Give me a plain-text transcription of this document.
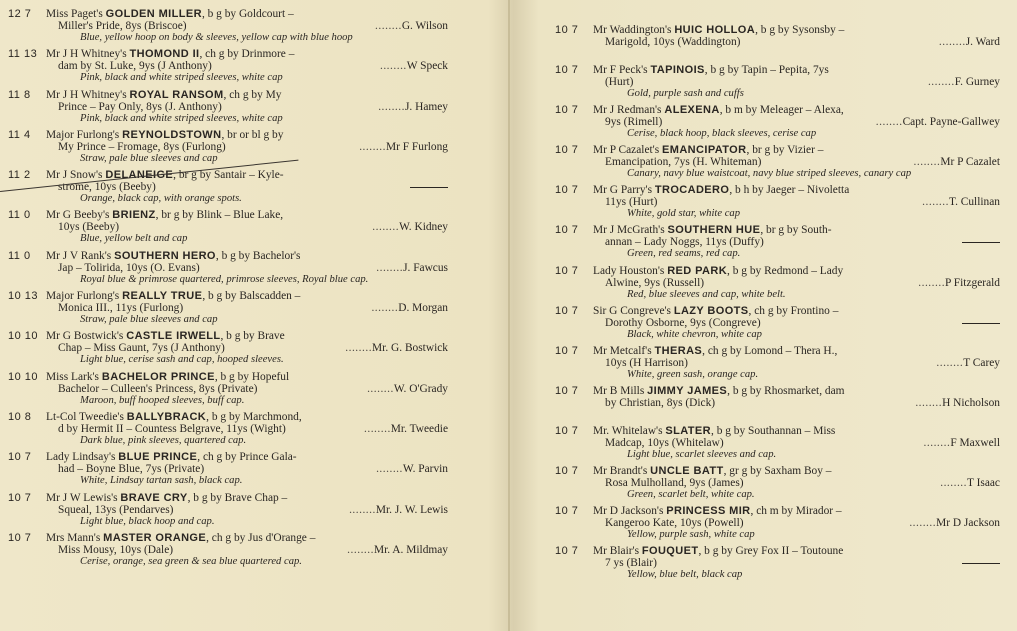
12 7	Miss Paget's GOLDEN MILLER, b g by Goldcourt –
Miller's Pride, 8ys (Briscoe)	........G. Wilson
Blue, yellow hoop on body & sleeves, yellow cap with blue hoop
11 13 Mr J H Whitney's THOMOND II, ch g by Drinmore –
dam by St. Luke, 9ys (J Anthony)	........W Speck
Pink, black and white striped sleeves, white cap
11 8	Mr J H Whitney's ROYAL RANSOM, ch g by My
Prince – Pay Only, 8ys (J. Anthony)	........J. Hamey
Pink, black and white striped sleeves, white cap
11 4	Major Furlong's REYNOLDSTOWN, br or bl g by
My Prince – Fromage, 8ys (Furlong)	........Mr F Furlong
Straw, pale blue sleeves and cap
11 2	Mr J Snow's DELANEIGE, br g by Santair – Kyle-
strome, 10ys (Beeby)
Orange, black cap, with orange spots.
11 0	Mr G Beeby's BRIENZ, br g by Blink – Blue Lake,
10ys (Beeby)	........W. Kidney
Blue, yellow belt and cap
11 0	Mr J V Rank's SOUTHERN HERO, b g by Bachelor's
Jap – Tolirida, 10ys (O. Evans)	........J. Fawcus
Royal blue & primrose quartered, primrose sleeves, Royal blue cap.
10 13 Major Furlong's REALLY TRUE, b g by Balscadden –
Monica III., 11ys (Furlong)	........D. Morgan
Straw, pale blue sleeves and cap
10 10 Mr G Bostwick's CASTLE IRWELL, b g by Brave
Chap – Miss Gaunt, 7ys (J Anthony)	........Mr. G. Bostwick
Light blue, cerise sash and cap, hooped sleeves.
10 10 Miss Lark's BACHELOR PRINCE, b g by Hopeful
Bachelor – Culleen's Princess, 8ys (Private)	........W. O'Grady
Maroon, buff hooped sleeves, buff cap.
10 8	Lt-Col Tweedie's BALLYBRACK, b g by Marchmond,
d by Hermit II – Countess Belgrave, 11ys (Wight)	........Mr. Tweedie
Dark blue, pink sleeves, quartered cap.
10 7	Lady Lindsay's BLUE PRINCE, ch g by Prince Gala-
had – Boyne Blue, 7ys (Private)	........W. Parvin
White, Lindsay tartan sash, black cap.
10 7	Mr J W Lewis's BRAVE CRY, b g by Brave Chap –
Squeal, 13ys (Pendarves)	........Mr. J. W. Lewis
Light blue, black hoop and cap.
10 7	Mrs Mann's MASTER ORANGE, ch g by Jus d'Orange –
Miss Mousy, 10ys (Dale)	........Mr. A. Mildmay
Cerise, orange, sea green & sea blue quartered cap.
10 7	Mr Waddington's HUIC HOLLOA, b g by Sysonsby –
Marigold, 10ys (Waddington)	........J. Ward
10 7	Mr F Peck's TAPINOIS, b g by Tapin – Pepita, 7ys
(Hurt)	........F. Gurney
Gold, purple sash and cuffs
10 7	Mr J Redman's ALEXENA, b m by Meleager – Alexa,
9ys (Rimell)	........Capt. Payne-Gallwey
Cerise, black hoop, black sleeves, cerise cap
10 7	Mr P Cazalet's EMANCIPATOR, br g by Vizier –
Emancipation, 7ys (H. Whiteman)	........Mr P Cazalet
Canary, navy blue waistcoat, navy blue striped sleeves, canary cap
10 7	Mr G Parry's TROCADERO, b h by Jaeger – Nivoletta
11ys (Hurt)	........T. Cullinan
White, gold star, white cap
10 7	Mr J McGrath's SOUTHERN HUE, br g by South-
annan – Lady Noggs, 11ys (Duffy)
Green, red seams, red cap.
10 7	Lady Houston's RED PARK, b g by Redmond – Lady
Alwine, 9ys (Russell)	........P Fitzgerald
Red, blue sleeves and cap, white belt.
10 7	Sir G Congreve's LAZY BOOTS, ch g by Frontino –
Dorothy Osborne, 9ys (Congreve)
Black, white chevron, white cap
10 7	Mr Metcalf's THERAS, ch g by Lomond – Thera H.,
10ys (H Harrison)	........T Carey
White, green sash, orange cap.
10 7	Mr B Mills JIMMY JAMES, b g by Rhosmarket, dam
by Christian, 8ys (Dick)	........H Nicholson
10 7	Mr. Whitelaw's SLATER, b g by Southannan – Miss
Madcap, 10ys (Whitelaw)	........F Maxwell
Light blue, scarlet sleeves and cap.
10 7	Mr Brandt's UNCLE BATT, gr g by Saxham Boy –
Rosa Mulholland, 9ys (James)	........T Isaac
Green, scarlet belt, white cap.
10 7	Mr D Jackson's PRINCESS MIR, ch m by Mirador –
Kangeroo Kate, 10ys (Powell)	........Mr D Jackson
Yellow, purple sash, white cap
10 7	Mr Blair's FOUQUET, b g by Grey Fox II – Toutoune
7 ys (Blair)
Yellow, blue belt, black cap
